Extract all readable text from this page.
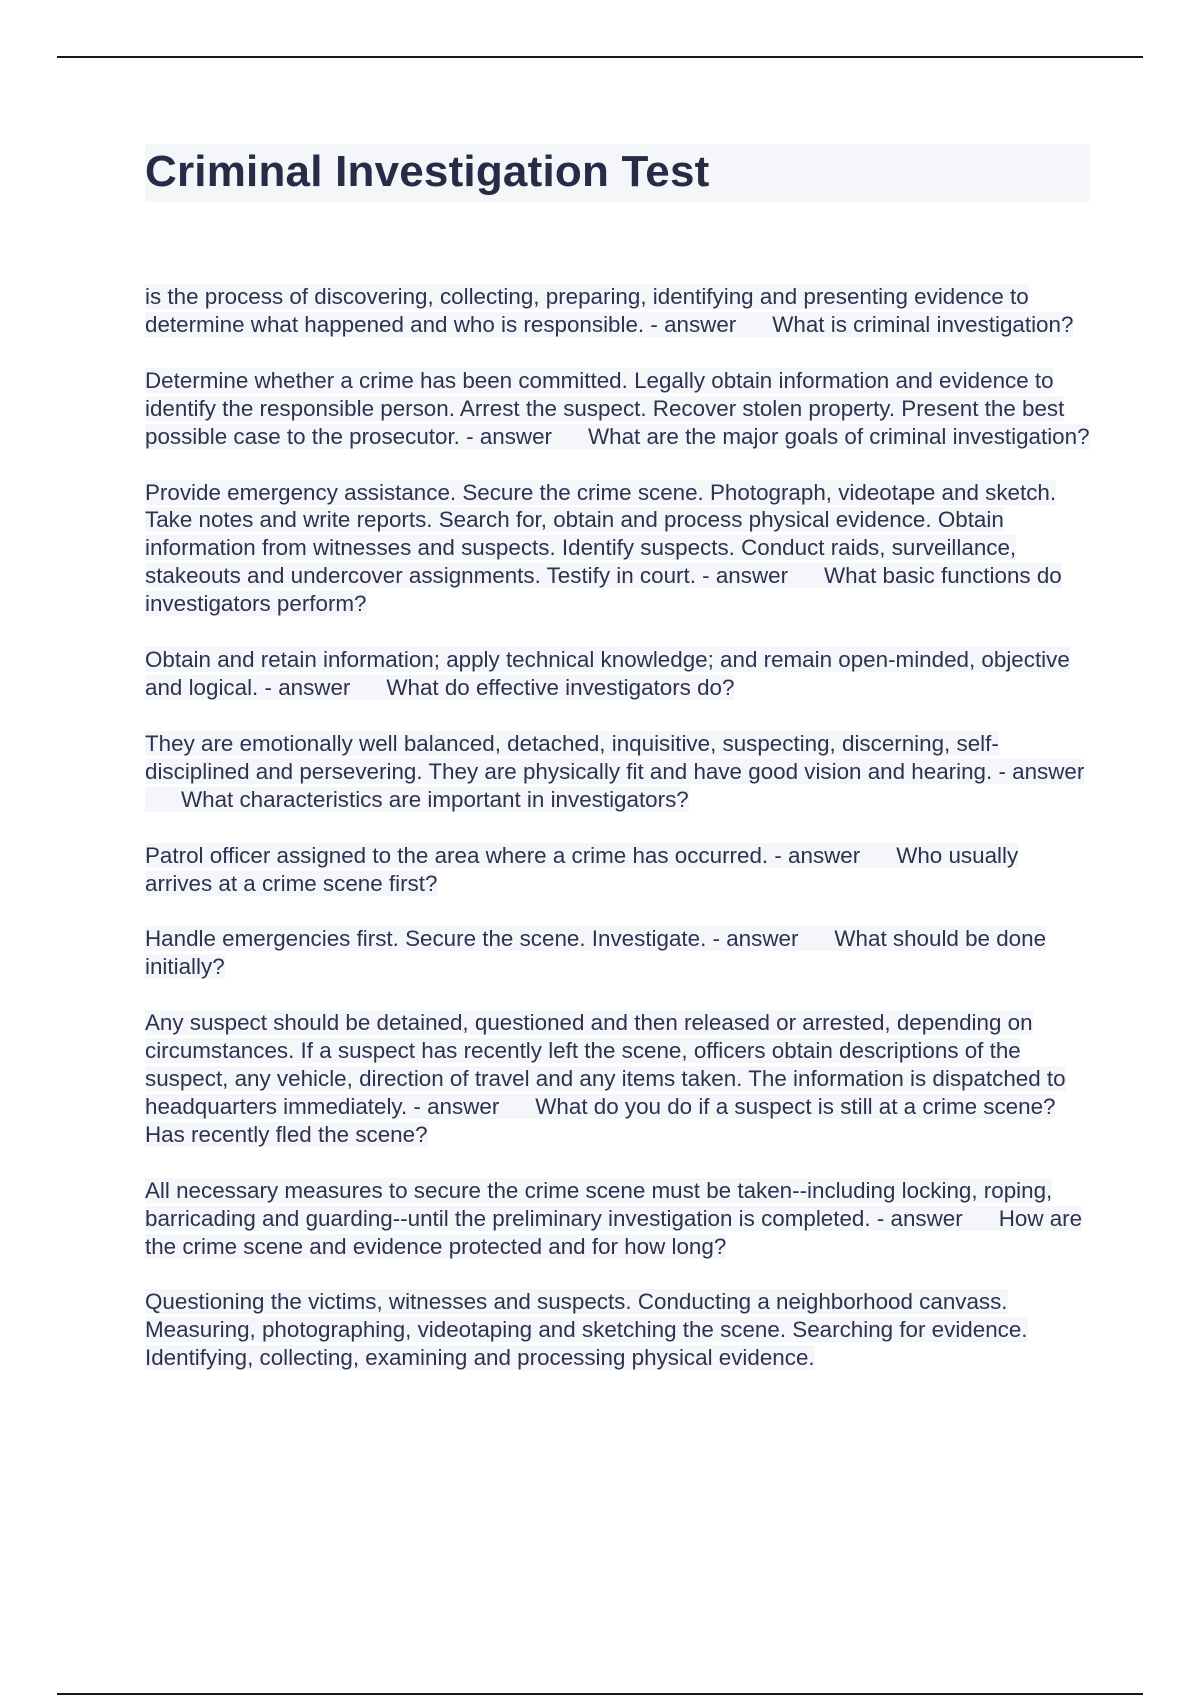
Criminal Investigation Test

is the process of discovering, collecting, preparing, identifying and presenting evidence to determine what happened and who is responsible. - answer What is criminal investigation?

Determine whether a crime has been committed. Legally obtain information and evidence to identify the responsible person. Arrest the suspect. Recover stolen property. Present the best possible case to the prosecutor. - answer What are the major goals of criminal investigation?

Provide emergency assistance. Secure the crime scene. Photograph, videotape and sketch. Take notes and write reports. Search for, obtain and process physical evidence. Obtain information from witnesses and suspects. Identify suspects. Conduct raids, surveillance, stakeouts and undercover assignments. Testify in court. - answer What basic functions do investigators perform?

Obtain and retain information; apply technical knowledge; and remain open-minded, objective and logical. - answer What do effective investigators do?

They are emotionally well balanced, detached, inquisitive, suspecting, discerning, self-disciplined and persevering. They are physically fit and have good vision and hearing. - answerWhat characteristics are important in investigators?

Patrol officer assigned to the area where a crime has occurred. - answer Who usually arrives at a crime scene first?

Handle emergencies first. Secure the scene. Investigate. - answer What should be done initially?

Any suspect should be detained, questioned and then released or arrested, depending on circumstances. If a suspect has recently left the scene, officers obtain descriptions of the suspect, any vehicle, direction of travel and any items taken. The information is dispatched to headquarters immediately. - answer What do you do if a suspect is still at a crime scene? Has recently fled the scene?

All necessary measures to secure the crime scene must be taken--including locking, roping, barricading and guarding--until the preliminary investigation is completed. - answer How are the crime scene and evidence protected and for how long?

Questioning the victims, witnesses and suspects. Conducting a neighborhood canvass. Measuring, photographing, videotaping and sketching the scene. Searching for evidence. Identifying, collecting, examining and processing physical evidence.
